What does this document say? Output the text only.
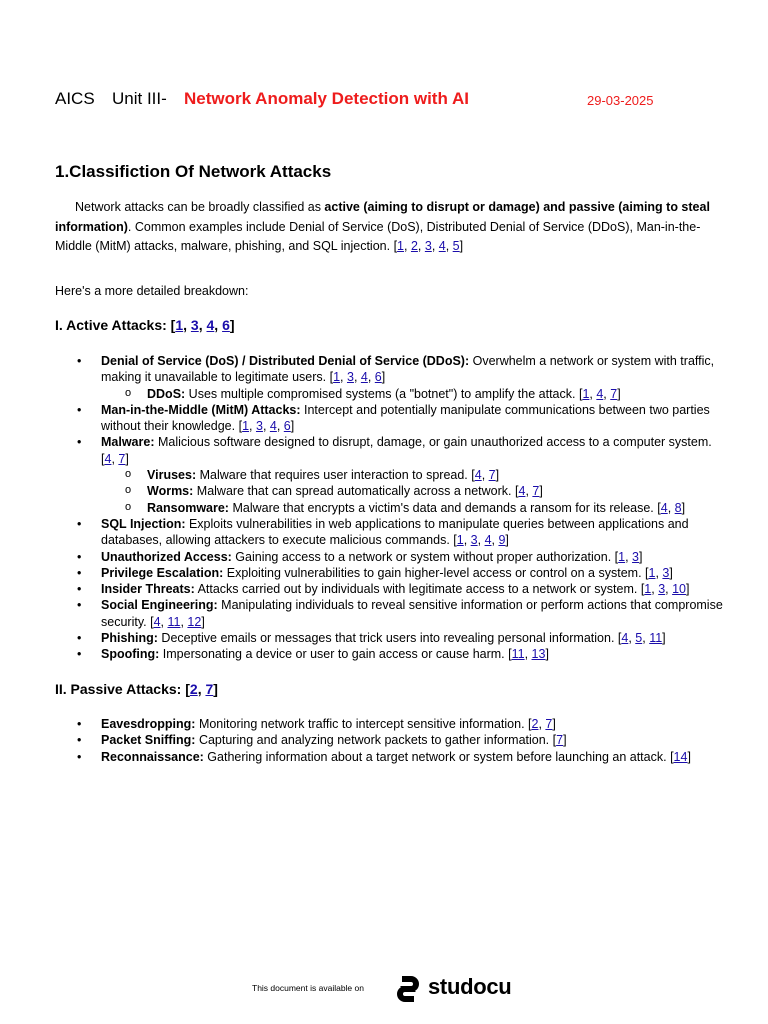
AICS Unit III- Network Anomaly Detection with AI	29-03-2025
1.Classifiction Of Network Attacks

Network attacks can be broadly classified as active (aiming to disrupt or damage) and passive (aiming to steal information). Common examples include Denial of Service (DoS), Distributed Denial of Service (DDoS), Man-in-the-Middle (MitM) attacks, malware, phishing, and SQL injection. [1, 2, 3, 4, 5]

Here's a more detailed breakdown:

I. Active Attacks: [1, 3, 4, 6]
• Denial of Service (DoS) / Distributed Denial of Service (DDoS): Overwhelm a network or system with traffic, making it unavailable to legitimate users. [1, 3, 4, 6]
o DDoS: Uses multiple compromised systems (a "botnet") to amplify the attack. [1, 4, 7]
• Man-in-the-Middle (MitM) Attacks: Intercept and potentially manipulate communications between two parties without their knowledge. [1, 3, 4, 6]
• Malware: Malicious software designed to disrupt, damage, or gain unauthorized access to a computer system. [4, 7]
o Viruses: Malware that requires user interaction to spread. [4, 7]
o Worms: Malware that can spread automatically across a network. [4, 7]
o Ransomware: Malware that encrypts a victim's data and demands a ransom for its release. [4, 8]
• SQL Injection: Exploits vulnerabilities in web applications to manipulate queries between applications and databases, allowing attackers to execute malicious commands. [1, 3, 4, 9]
• Unauthorized Access: Gaining access to a network or system without proper authorization. [1, 3]
• Privilege Escalation: Exploiting vulnerabilities to gain higher-level access or control on a system. [1, 3]
• Insider Threats: Attacks carried out by individuals with legitimate access to a network or system. [1, 3, 10]
• Social Engineering: Manipulating individuals to reveal sensitive information or perform actions that compromise security. [4, 11, 12]
• Phishing: Deceptive emails or messages that trick users into revealing personal information. [4, 5, 11]
• Spoofing: Impersonating a device or user to gain access or cause harm. [11, 13]
II. Passive Attacks: [2, 7]
• Eavesdropping: Monitoring network traffic to intercept sensitive information. [2, 7]
• Packet Sniffing: Capturing and analyzing network packets to gather information. [7]
• Reconnaissance: Gathering information about a target network or system before launching an attack. [14]
This document is available on	studocu
